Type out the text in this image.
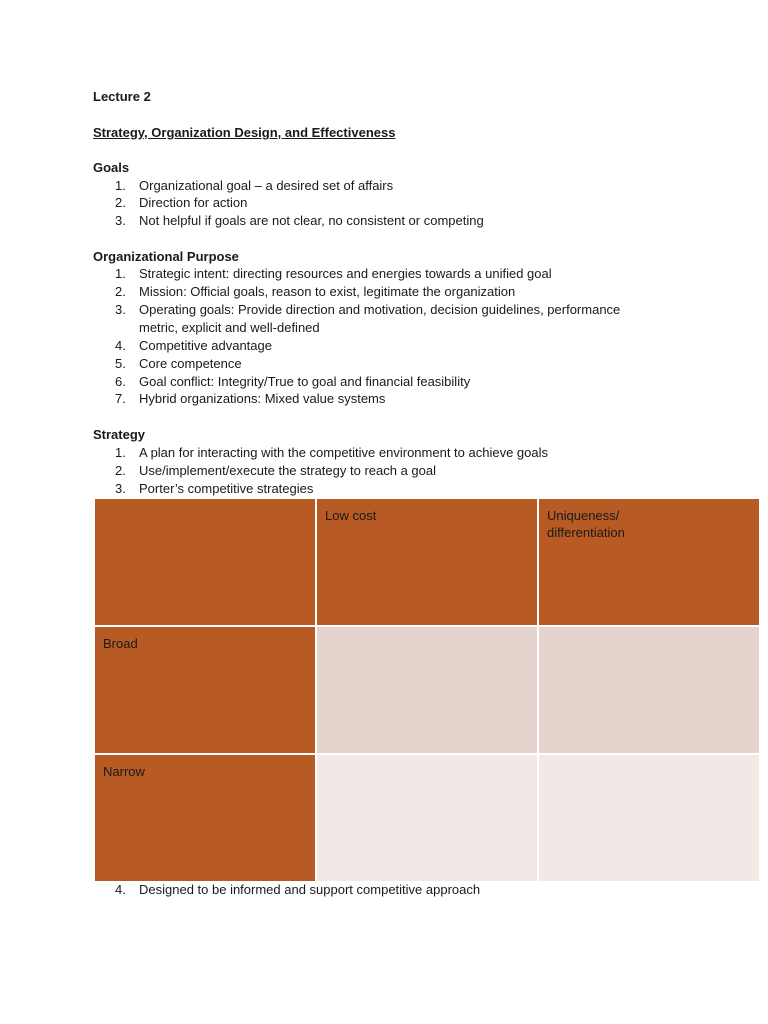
Lecture 2
Strategy, Organization Design, and Effectiveness
Goals
1.	Organizational goal – a desired set of affairs
2.	Direction for action
3.	Not helpful if goals are not clear, no consistent or competing
Organizational Purpose
1.	Strategic intent: directing resources and energies towards a unified goal
2.	Mission: Official goals, reason to exist, legitimate the organization
3.	Operating goals: Provide direction and motivation, decision guidelines, performance
metric, explicit and well-defined
4.	Competitive advantage
5.	Core competence
6.	Goal conflict: Integrity/True to goal and financial feasibility
7.	Hybrid organizations: Mixed value systems
Strategy
1.	A plan for interacting with the competitive environment to achieve goals
2.	Use/implement/execute the strategy to reach a goal
3.	Porter’s competitive strategies
	Low cost	Uniqueness/
differentiation
Broad		
Narrow		
4.	Designed to be informed and support competitive approach
